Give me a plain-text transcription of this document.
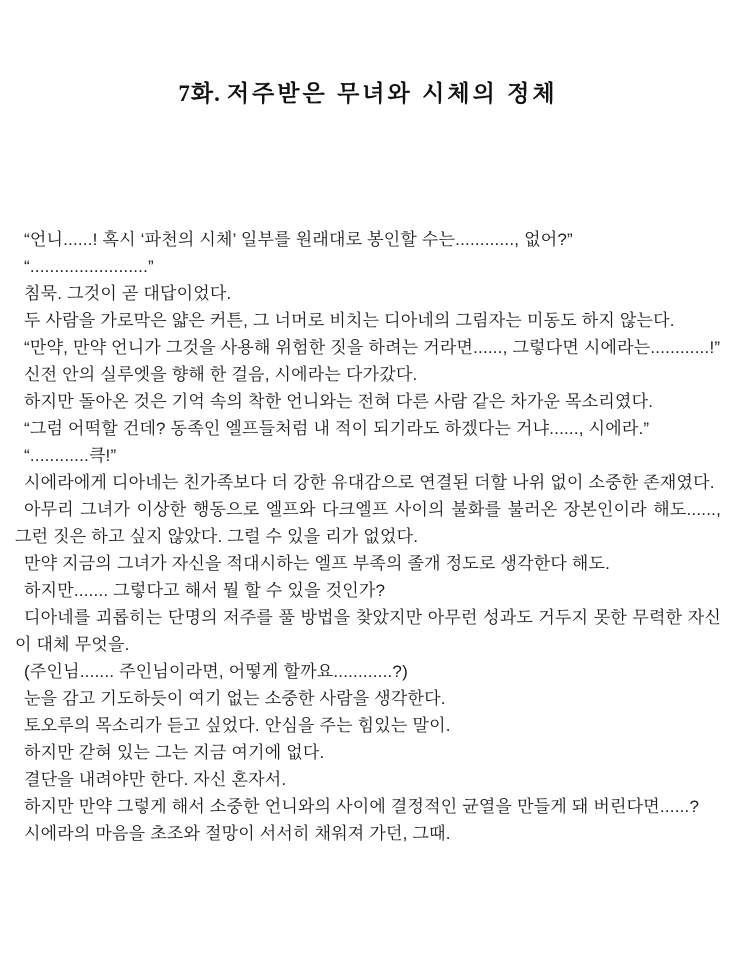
7화. 저주받은 무녀와 시체의 정체

“언니......! 혹시 ‘파천의 시체’ 일부를 원래대로 봉인할 수는............, 없어?”

“........................”

침묵. 그것이 곧 대답이었다.

두 사람을 가로막은 얇은 커튼, 그 너머로 비치는 디아네의 그림자는 미동도 하지 않는다.

“만약, 만약 언니가 그것을 사용해 위험한 짓을 하려는 거라면......, 그렇다면 시에라는............!”

신전 안의 실루엣을 향해 한 걸음, 시에라는 다가갔다.

하지만 돌아온 것은 기억 속의 착한 언니와는 전혀 다른 사람 같은 차가운 목소리였다.

“그럼 어떡할 건데? 동족인 엘프들처럼 내 적이 되기라도 하겠다는 거냐......, 시에라.”

“............큭!”

시에라에게 디아네는 친가족보다 더 강한 유대감으로 연결된 더할 나위 없이 소중한 존재였다.

아무리 그녀가 이상한 행동으로 엘프와 다크엘프 사이의 불화를 불러온 장본인이라 해도......, 그런 짓은 하고 싶지 않았다. 그럴 수 있을 리가 없었다.

만약 지금의 그녀가 자신을 적대시하는 엘프 부족의 졸개 정도로 생각한다 해도.

하지만....... 그렇다고 해서 뭘 할 수 있을 것인가?

디아네를 괴롭히는 단명의 저주를 풀 방법을 찾았지만 아무런 성과도 거두지 못한 무력한 자신이 대체 무엇을.

(주인님....... 주인님이라면, 어떻게 할까요............?)

눈을 감고 기도하듯이 여기 없는 소중한 사람을 생각한다.

토오루의 목소리가 듣고 싶었다. 안심을 주는 힘있는 말이.

하지만 갇혀 있는 그는 지금 여기에 없다.

결단을 내려야만 한다. 자신 혼자서.

하지만 만약 그렇게 해서 소중한 언니와의 사이에 결정적인 균열을 만들게 돼 버린다면......?

시에라의 마음을 초조와 절망이 서서히 채워져 가던, 그때.
